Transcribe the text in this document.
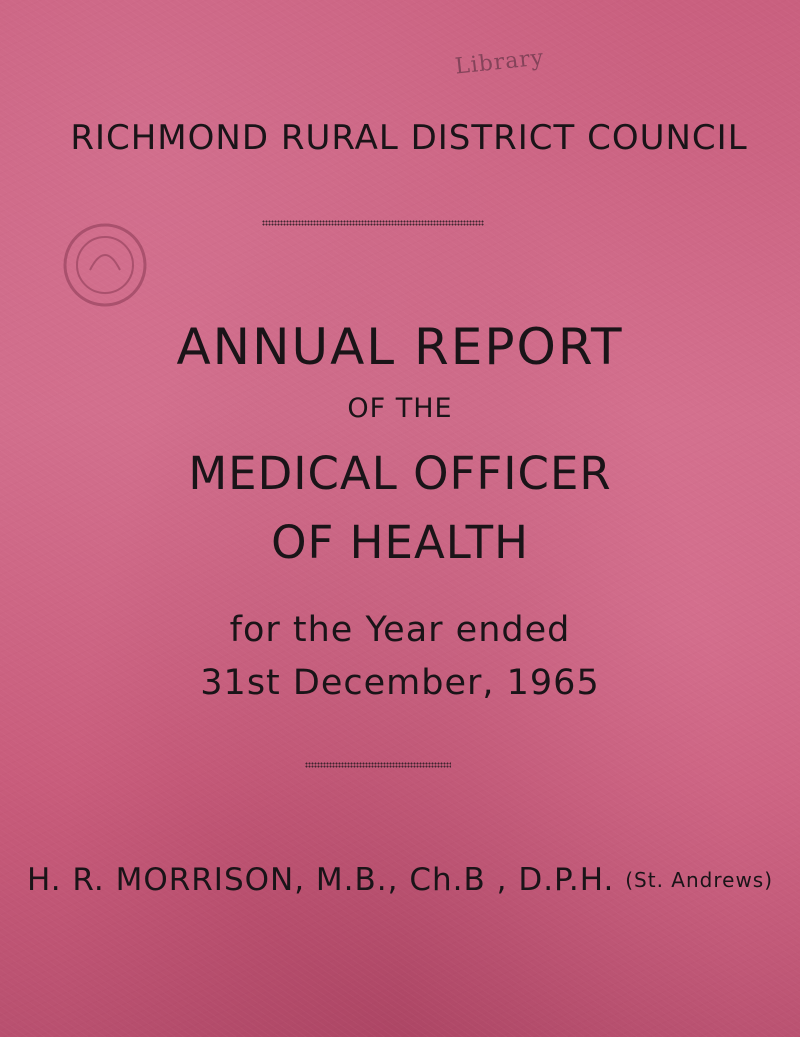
Library
RICHMOND RURAL DISTRICT COUNCIL
ANNUAL REPORT
OF THE
MEDICAL OFFICER
OF HEALTH
for the Year ended
31st December, 1965
H. R. MORRISON, M.B., Ch.B , D.P.H. (St. Andrews)
